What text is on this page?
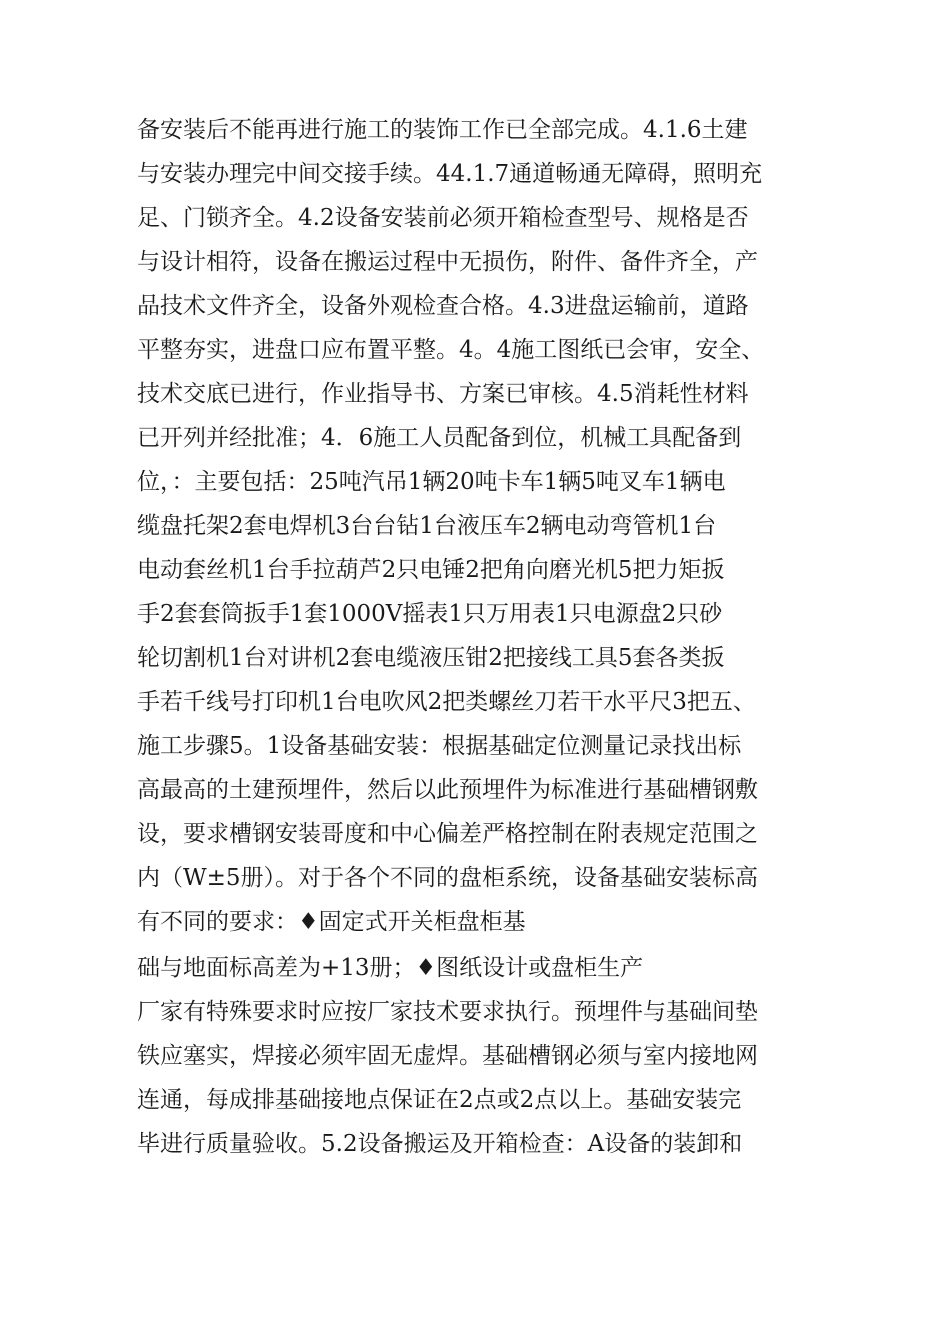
备安装后不能再进行施工的装饰工作已全部完成。4.1.6土建
与安装办理完中间交接手续。44.1.7通道畅通无障碍，照明充
足、门锁齐全。4.2设备安装前必须开箱检查型号、规格是否
与设计相符，设备在搬运过程中无损伤，附件、备件齐全，产
品技术文件齐全，设备外观检查合格。4.3进盘运输前，道路
平整夯实，进盘口应布置平整。4。4施工图纸已会审，安全、
技术交底已进行，作业指导书、方案已审核。4.5消耗性材料
已开列并经批准；4．6施工人员配备到位，机械工具配备到
位，：主要包括：25吨汽吊1辆20吨卡车1辆5吨叉车1辆电
缆盘托架2套电焊机3台台钻1台液压车2辆电动弯管机1台
电动套丝机1台手拉葫芦2只电锤2把角向磨光机5把力矩扳
手2套套筒扳手1套1000V摇表1只万用表1只电源盘2只砂
轮切割机1台对讲机2套电缆液压钳2把接线工具5套各类扳
手若千线号打印机1台电吹风2把类螺丝刀若干水平尺3把五、
施工步骤5。1设备基础安装：根据基础定位测量记录找出标
高最高的土建预埋件，然后以此预埋件为标准进行基础槽钢敷
设，要求槽钢安装哥度和中心偏差严格控制在附表规定范围之
内（W±5册）。对于各个不同的盘柜系统，设备基础安装标高
有不同的要求：♦固定式开关柜盘柜基
础与地面标高差为+13册；♦图纸设计或盘柜生产
厂家有特殊要求时应按厂家技术要求执行。预埋件与基础间垫
铁应塞实，焊接必须牢固无虚焊。基础槽钢必须与室内接地网
连通，每成排基础接地点保证在2点或2点以上。基础安装完
毕进行质量验收。5.2设备搬运及开箱检查：A设备的装卸和
